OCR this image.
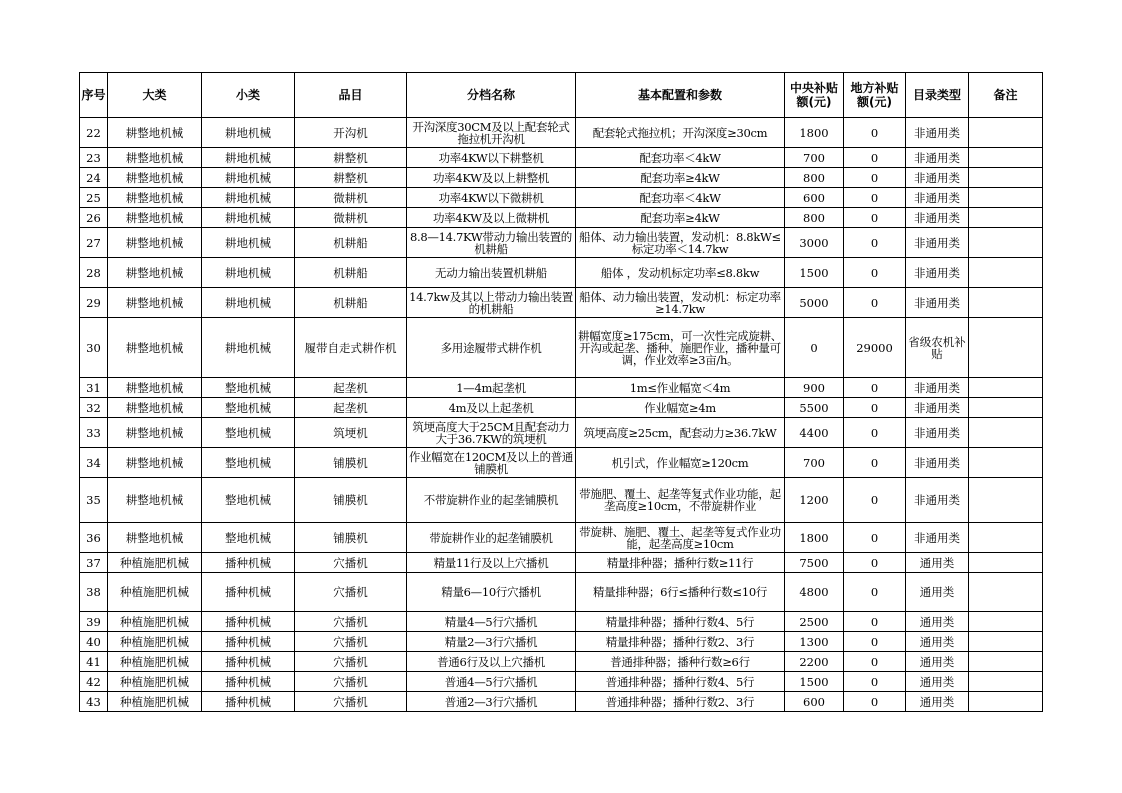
序号	大类	小类	品目	分档名称	基本配置和参数	中央补贴额(元)	地方补贴额(元)	目录类型	备注
22	耕整地机械	耕地机械	开沟机	开沟深度30CM及以上配套轮式拖拉机开沟机	配套轮式拖拉机；开沟深度≥30cm	1800	0	非通用类	
23	耕整地机械	耕地机械	耕整机	功率4KW以下耕整机	配套功率＜4kW	700	0	非通用类	
24	耕整地机械	耕地机械	耕整机	功率4KW及以上耕整机	配套功率≥4kW	800	0	非通用类	
25	耕整地机械	耕地机械	微耕机	功率4KW以下微耕机	配套功率＜4kW	600	0	非通用类	
26	耕整地机械	耕地机械	微耕机	功率4KW及以上微耕机	配套功率≥4kW	800	0	非通用类	
27	耕整地机械	耕地机械	机耕船	8.8—14.7KW带动力输出装置的机耕船	船体、动力输出装置，发动机：8.8kW≤标定功率＜14.7kw	3000	0	非通用类	
28	耕整地机械	耕地机械	机耕船	无动力输出装置机耕船	船体 ，发动机标定功率≤8.8kw	1500	0	非通用类	
29	耕整地机械	耕地机械	机耕船	14.7kw及其以上带动力输出装置的机耕船	船体、动力输出装置，发动机：标定功率≥14.7kw	5000	0	非通用类	
30	耕整地机械	耕地机械	履带自走式耕作机	多用途履带式耕作机	耕幅宽度≥175cm，可一次性完成旋耕、开沟或起垄、播种、施肥作业，播种量可调，作业效率≥3亩/h。	0	29000	省级农机补贴	
31	耕整地机械	整地机械	起垄机	1—4m起垄机	1m≤作业幅宽＜4m	900	0	非通用类	
32	耕整地机械	整地机械	起垄机	4m及以上起垄机	作业幅宽≥4m	5500	0	非通用类	
33	耕整地机械	整地机械	筑埂机	筑埂高度大于25CM且配套动力大于36.7KW的筑埂机	筑埂高度≥25cm，配套动力≥36.7kW	4400	0	非通用类	
34	耕整地机械	整地机械	铺膜机	作业幅宽在120CM及以上的普通铺膜机	机引式，作业幅宽≥120cm	700	0	非通用类	
35	耕整地机械	整地机械	铺膜机	不带旋耕作业的起垄铺膜机	带施肥、覆土、起垄等复式作业功能，起垄高度≥10cm，不带旋耕作业	1200	0	非通用类	
36	耕整地机械	整地机械	铺膜机	带旋耕作业的起垄铺膜机	带旋耕、施肥、覆土、起垄等复式作业功能，起垄高度≥10cm	1800	0	非通用类	
37	种植施肥机械	播种机械	穴播机	精量11行及以上穴播机	精量排种器；播种行数≥11行	7500	0	通用类	
38	种植施肥机械	播种机械	穴播机	精量6—10行穴播机	精量排种器；6行≤播种行数≤10行	4800	0	通用类	
39	种植施肥机械	播种机械	穴播机	精量4—5行穴播机	精量排种器；播种行数4、5行	2500	0	通用类	
40	种植施肥机械	播种机械	穴播机	精量2—3行穴播机	精量排种器；播种行数2、3行	1300	0	通用类	
41	种植施肥机械	播种机械	穴播机	普通6行及以上穴播机	普通排种器；播种行数≥6行	2200	0	通用类	
42	种植施肥机械	播种机械	穴播机	普通4—5行穴播机	普通排种器；播种行数4、5行	1500	0	通用类	
43	种植施肥机械	播种机械	穴播机	普通2—3行穴播机	普通排种器；播种行数2、3行	600	0	通用类	
